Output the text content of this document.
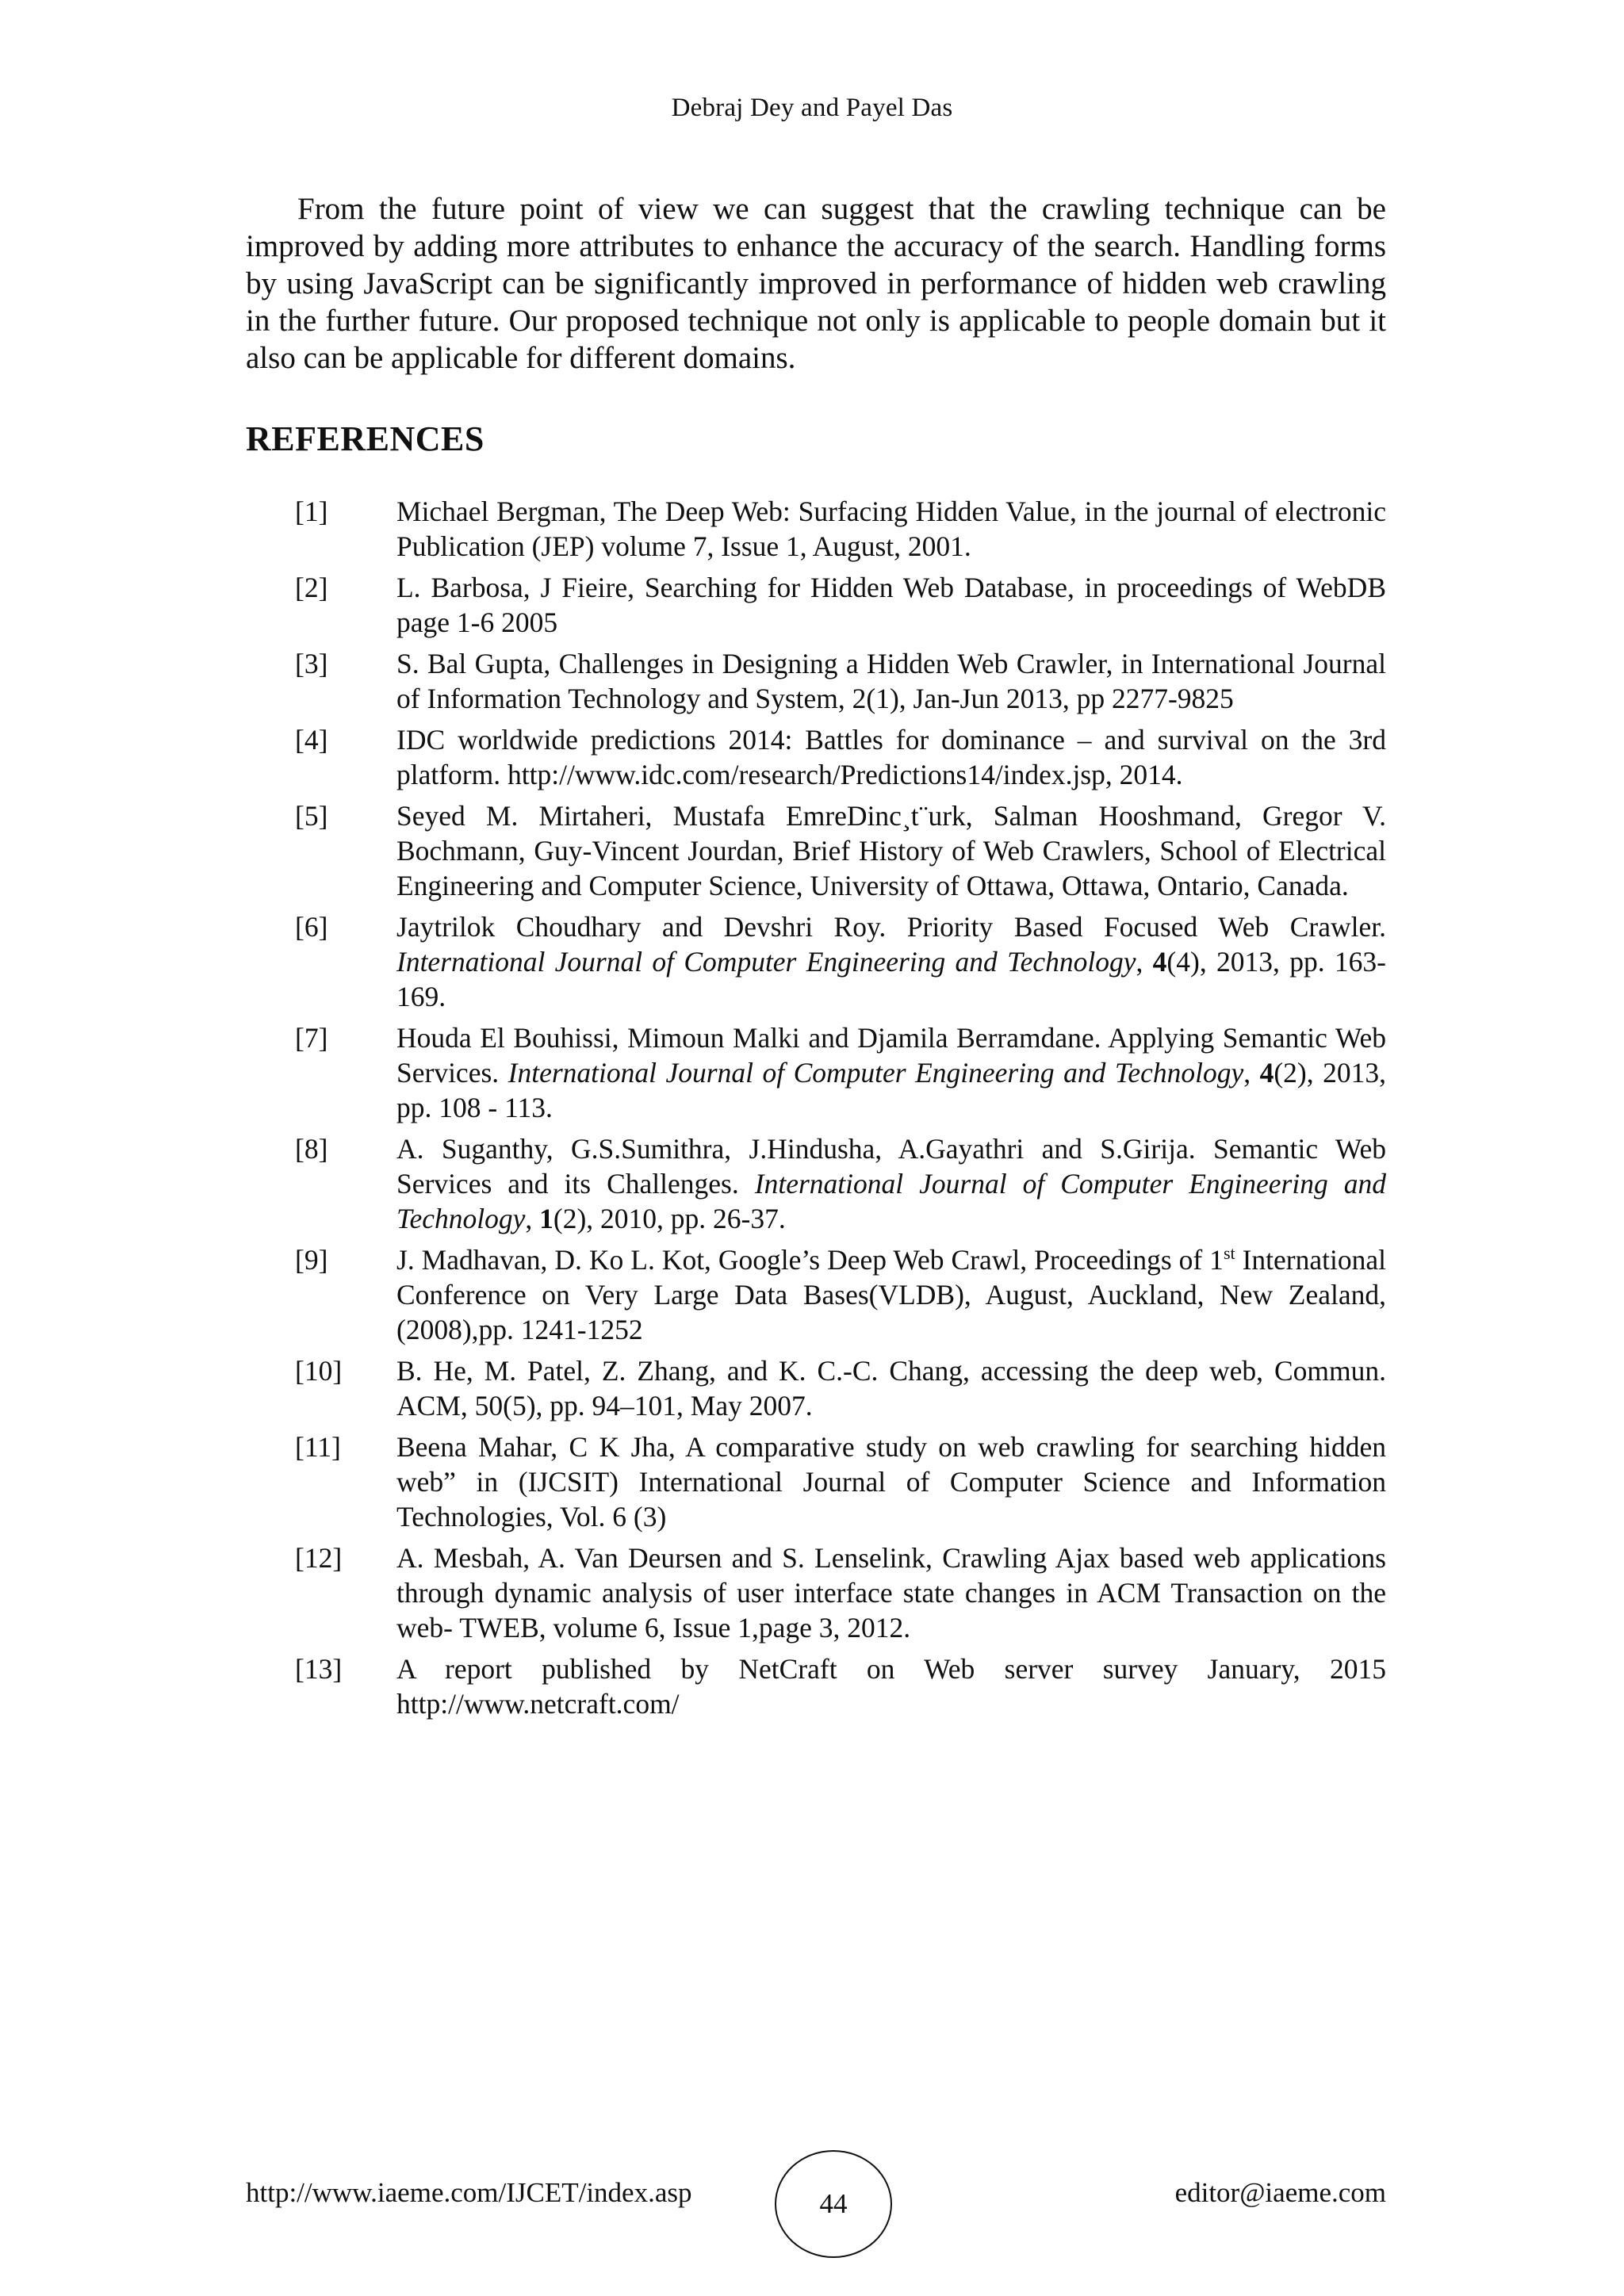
Debraj Dey and Payel Das

From the future point of view we can suggest that the crawling technique can be improved by adding more attributes to enhance the accuracy of the search. Handling forms by using JavaScript can be significantly improved in performance of hidden web crawling in the further future. Our proposed technique not only is applicable to people domain but it also can be applicable for different domains.

REFERENCES
[1]	Michael Bergman, The Deep Web: Surfacing Hidden Value, in the journal of electronic Publication (JEP) volume 7, Issue 1, August, 2001.
[2]	L. Barbosa, J Fieire, Searching for Hidden Web Database, in proceedings of WebDB page 1-6 2005
[3]	S. Bal Gupta, Challenges in Designing a Hidden Web Crawler, in International Journal of Information Technology and System, 2(1), Jan-Jun 2013, pp 2277-9825
[4]	IDC worldwide predictions 2014: Battles for dominance – and survival on the 3rd platform. http://www.idc.com/research/Predictions14/index.jsp, 2014.
[5]	Seyed M. Mirtaheri, Mustafa EmreDinc¸t¨urk, Salman Hooshmand, Gregor V. Bochmann, Guy-Vincent Jourdan, Brief History of Web Crawlers, School of Electrical Engineering and Computer Science, University of Ottawa, Ottawa, Ontario, Canada.
[6]	Jaytrilok Choudhary and Devshri Roy. Priority Based Focused Web Crawler. International Journal of Computer Engineering and Technology, 4(4), 2013, pp. 163-169.
[7]	Houda El Bouhissi, Mimoun Malki and Djamila Berramdane. Applying Semantic Web Services. International Journal of Computer Engineering and Technology, 4(2), 2013, pp. 108 - 113.
[8]	A. Suganthy, G.S.Sumithra, J.Hindusha, A.Gayathri and S.Girija. Semantic Web Services and its Challenges. International Journal of Computer Engineering and Technology, 1(2), 2010, pp. 26-37.
[9]	J. Madhavan, D. Ko L. Kot, Google’s Deep Web Crawl, Proceedings of 1st International Conference on Very Large Data Bases(VLDB), August, Auckland, New Zealand, (2008),pp. 1241-1252
[10]	B. He, M. Patel, Z. Zhang, and K. C.-C. Chang, accessing the deep web, Commun. ACM, 50(5), pp. 94–101, May 2007.
[11]	Beena Mahar, C K Jha, A comparative study on web crawling for searching hidden web” in (IJCSIT) International Journal of Computer Science and Information Technologies, Vol. 6 (3)
[12]	A. Mesbah, A. Van Deursen and S. Lenselink, Crawling Ajax based web applications through dynamic analysis of user interface state changes in ACM Transaction on the web- TWEB, volume 6, Issue 1,page 3, 2012.
[13]	A report published by NetCraft on Web server survey January, 2015 http://www.netcraft.com/
http://www.iaeme.com/IJCET/index.asp	44	editor@iaeme.com
